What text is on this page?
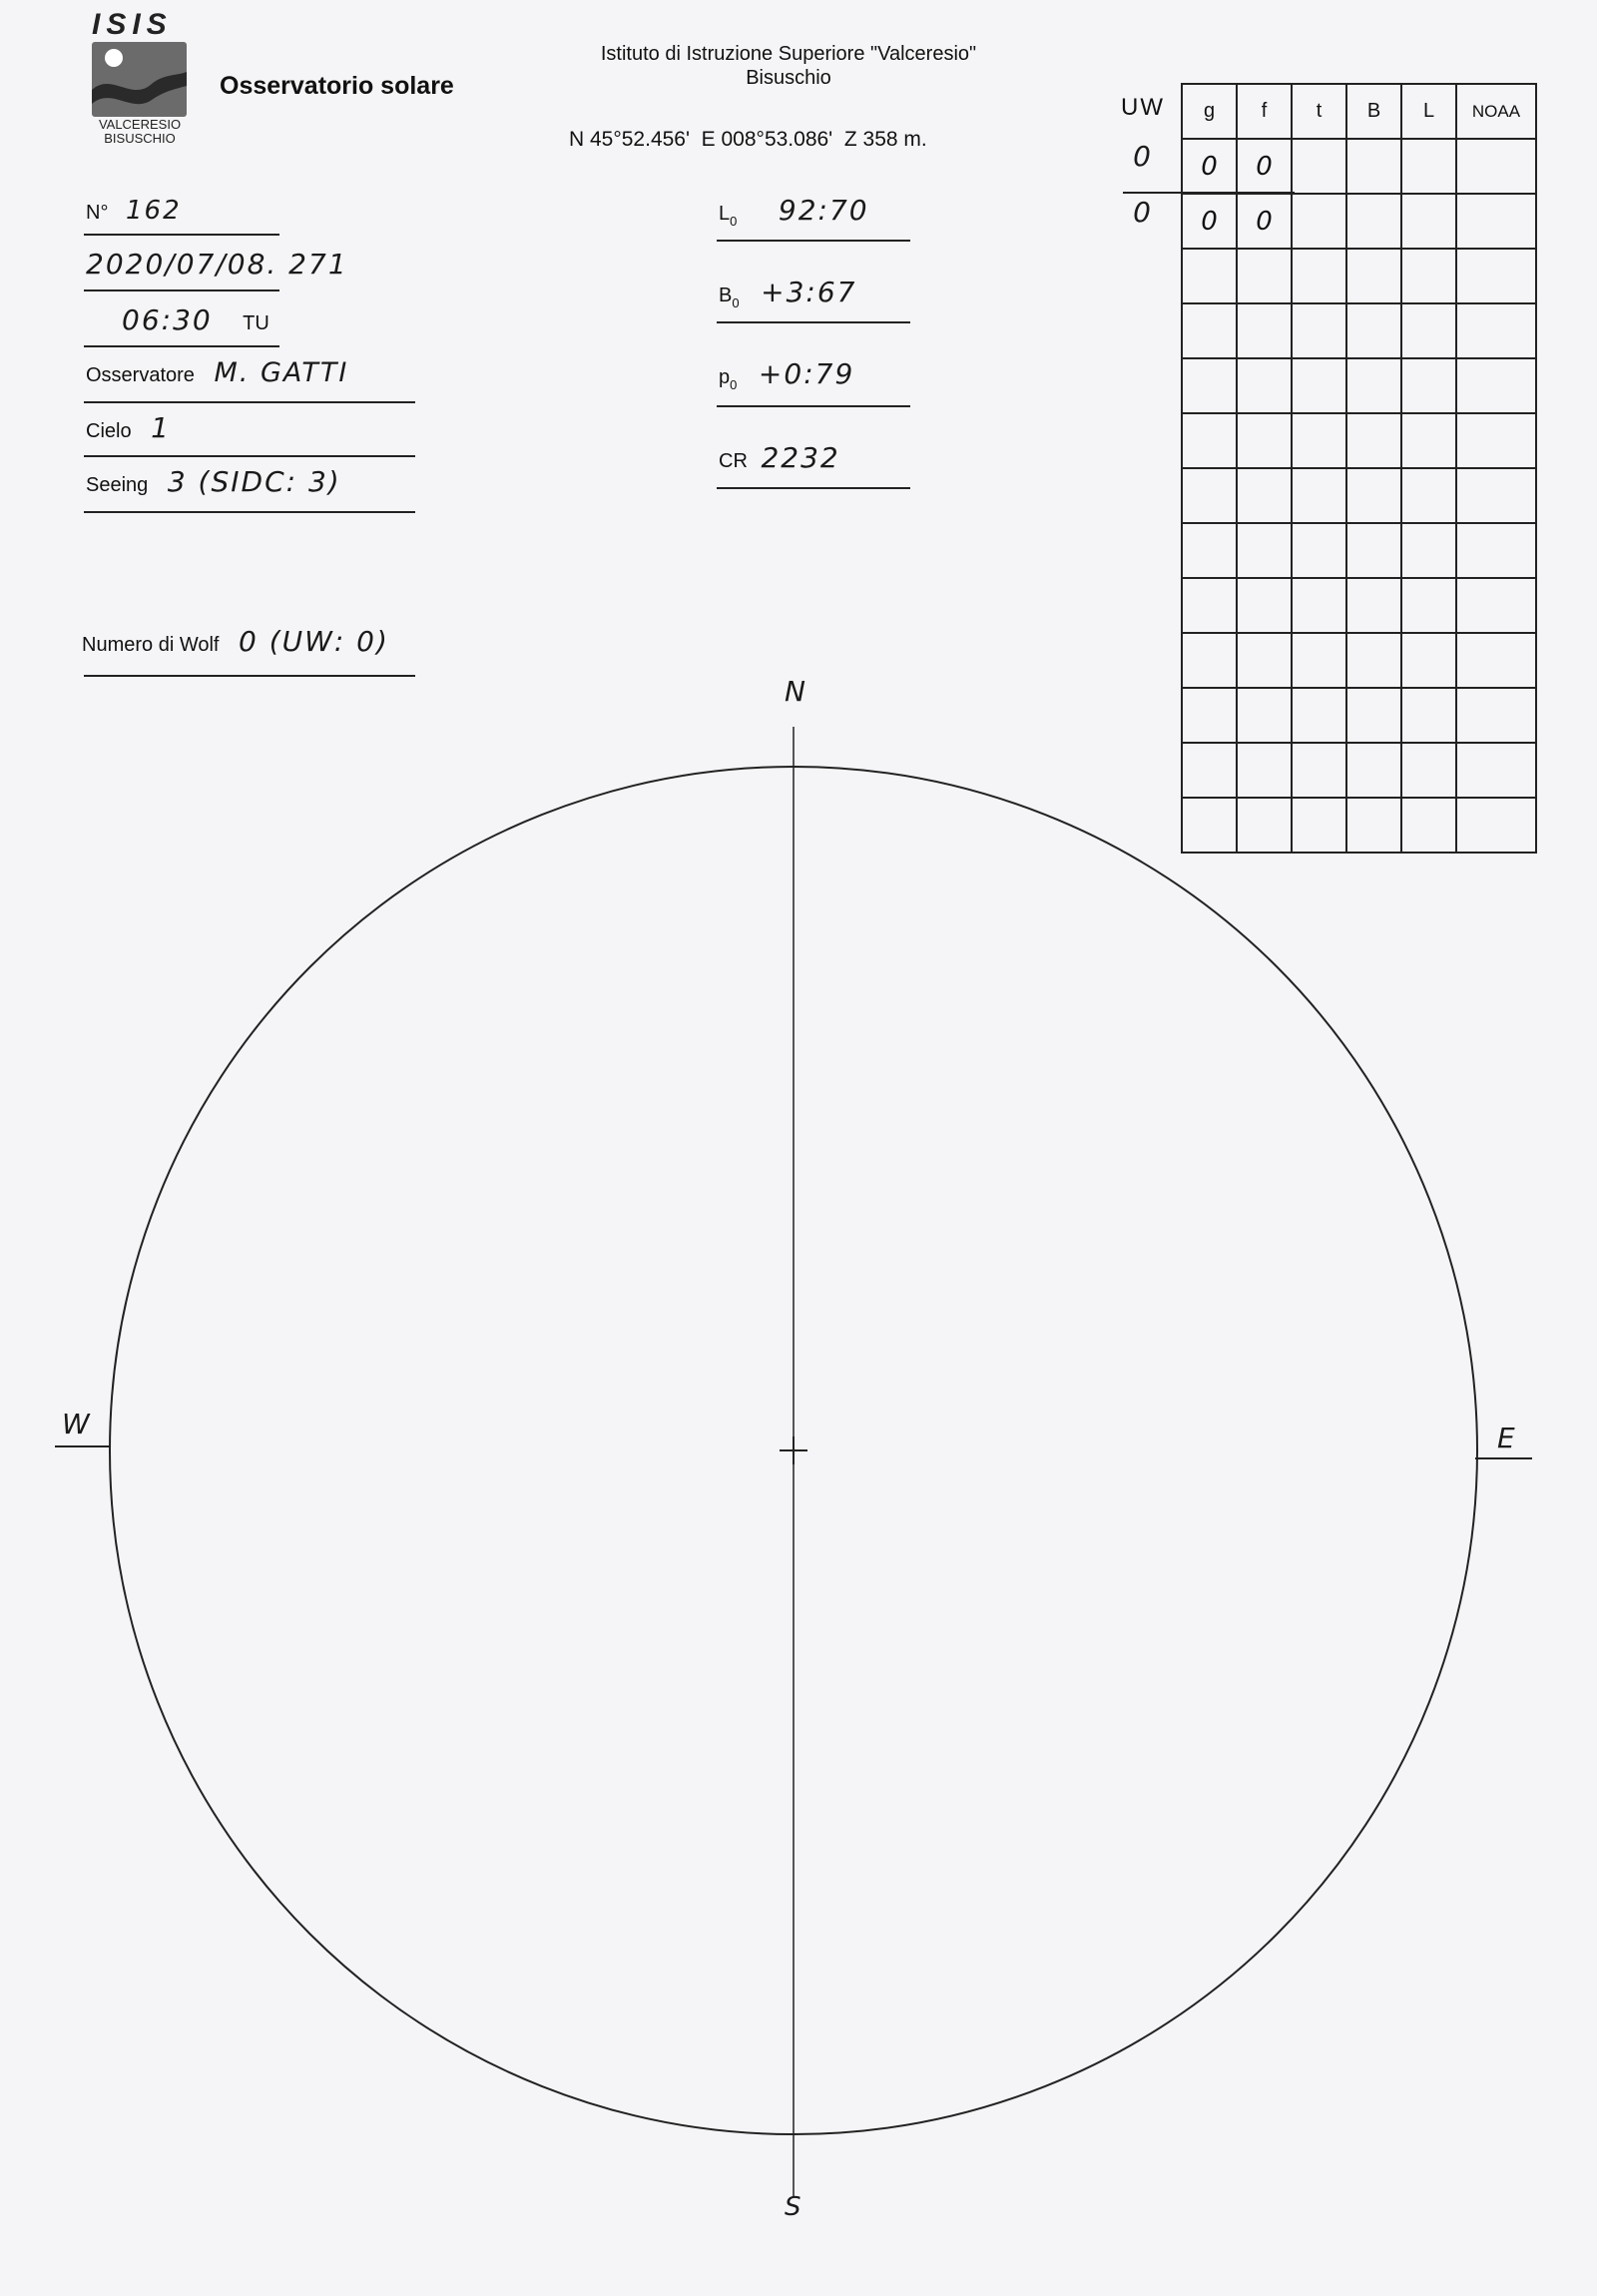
ISIS
VALCERESIO
BISUSCHIO
Osservatorio solare
Istituto di Istruzione Superiore "Valceresio"
Bisuschio
N 45°52.456'  E 008°53.086'  Z 358 m.
N° 162
2020/07/08. 271
06:30 TU
Osservatore M. GATTI
Cielo 1
Seeing 3 (SIDC: 3)
Numero di Wolf 0 (UW: 0)
$L_0$ 92:70
$B_0$ +3:67
$p_0$ +0:79
CR 2232
UW
0
0
g	f	t	B	L	NOAA
0	0				
0	0				

N
S
W	E
